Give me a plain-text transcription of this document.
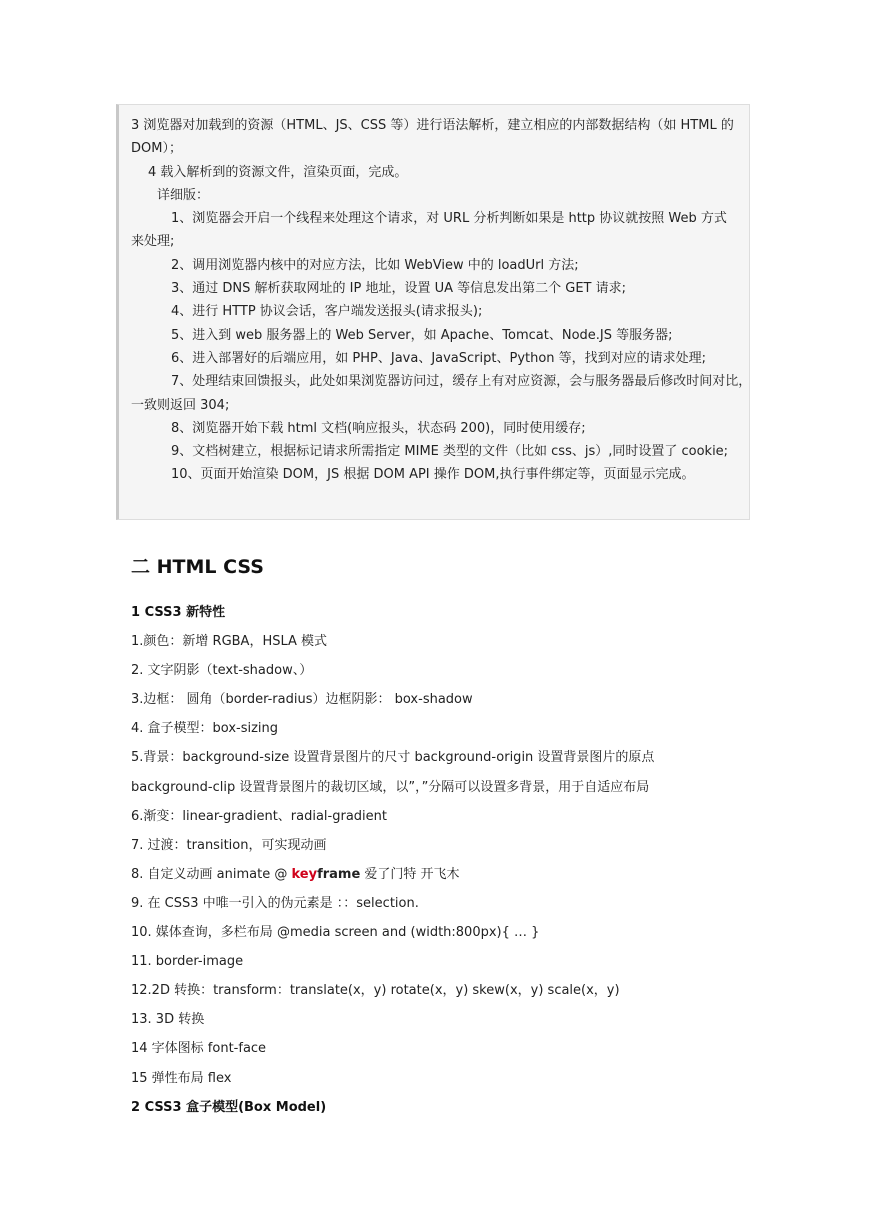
3 浏览器对加载到的资源（HTML、JS、CSS 等）进行语法解析，建立相应的内部数据结构（如 HTML 的

DOM）；

4 载入解析到的资源文件，渲染页面，完成。

详细版：

1、浏览器会开启一个线程来处理这个请求，对 URL 分析判断如果是 http 协议就按照 Web 方式

来处理;

2、调用浏览器内核中的对应方法，比如 WebView 中的 loadUrl 方法;

3、通过 DNS 解析获取网址的 IP 地址，设置 UA 等信息发出第二个 GET 请求;

4、进行 HTTP 协议会话，客户端发送报头(请求报头);

5、进入到 web 服务器上的 Web Server，如 Apache、Tomcat、Node.JS 等服务器;

6、进入部署好的后端应用，如 PHP、Java、JavaScript、Python 等，找到对应的请求处理;

7、处理结束回馈报头，此处如果浏览器访问过，缓存上有对应资源，会与服务器最后修改时间对比，

一致则返回 304;

8、浏览器开始下载 html 文档(响应报头，状态码 200)，同时使用缓存;

9、文档树建立，根据标记请求所需指定 MIME 类型的文件（比如 css、js）,同时设置了 cookie;

10、页面开始渲染 DOM，JS 根据 DOM API 操作 DOM,执行事件绑定等，页面显示完成。

二 HTML CSS

1 CSS3 新特性

1.颜色：新增 RGBA，HSLA 模式

2. 文字阴影（text-shadow、）

3.边框： 圆角（border-radius）边框阴影： box-shadow

4. 盒子模型：box-sizing

5.背景：background-size 设置背景图片的尺寸 background-origin 设置背景图片的原点

background-clip 设置背景图片的裁切区域，以”，”分隔可以设置多背景，用于自适应布局

6.渐变：linear-gradient、radial-gradient

7. 过渡：transition，可实现动画

8. 自定义动画 animate @ keyframe 爱了门特 开飞木

9. 在 CSS3 中唯一引入的伪元素是 ：：selection.

10. 媒体查询，多栏布局 @media screen and (width:800px){ … }

11. border-image

12.2D 转换：transform：translate(x，y) rotate(x，y) skew(x，y) scale(x，y)

13. 3D 转换

14 字体图标 font-face

15 弹性布局 flex

2 CSS3 盒子模型(Box Model)
